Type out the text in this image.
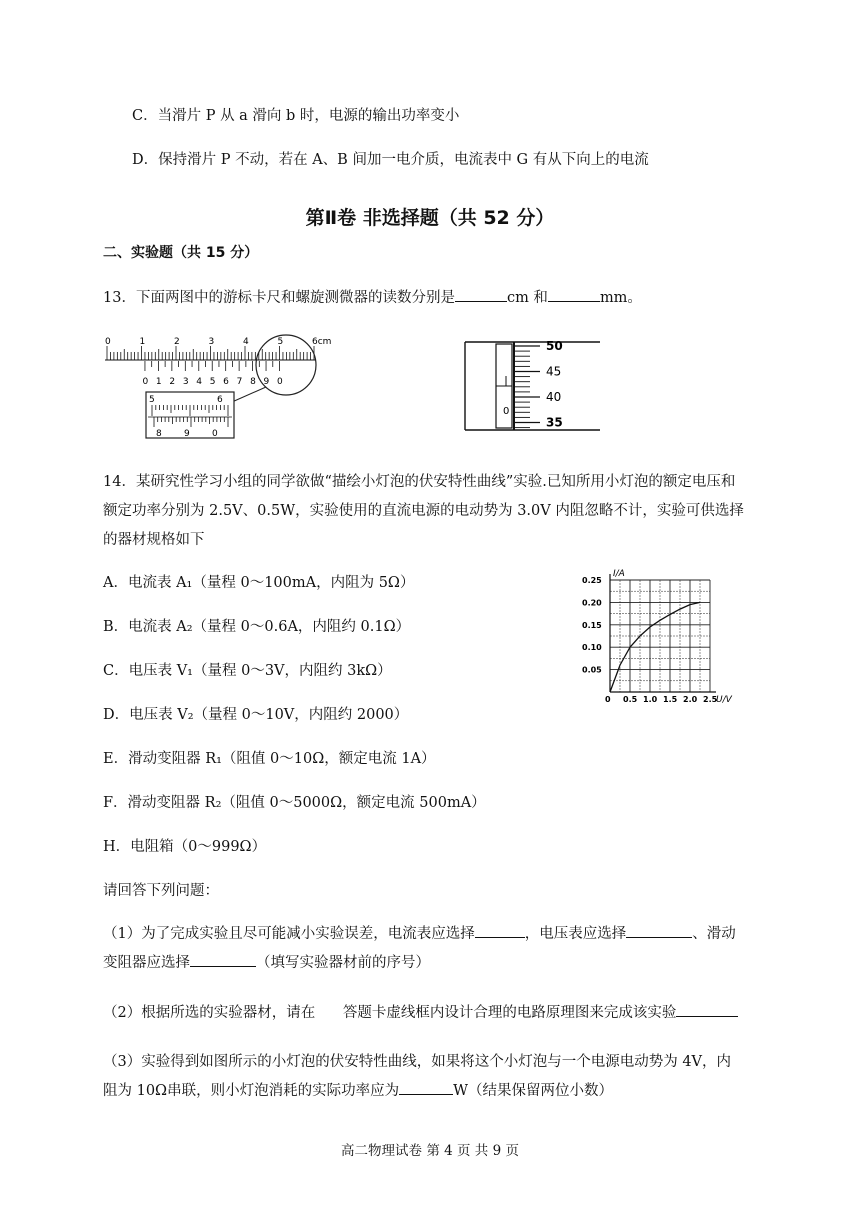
C．当滑片 P 从 a 滑向 b 时，电源的输出功率变小
D．保持滑片 P 不动，若在 A、B 间加一电介质，电流表中 G 有从下向上的电流
第Ⅱ卷 非选择题（共 52 分）
二、实验题（共 15 分）
13．下面两图中的游标卡尺和螺旋测微器的读数分别是	cm 和	mm。
0	1	2	3	4	5	6cm
0 1 2 3 4 5 6 7 8 9 0
5	6
8 9 0
0
50
45
40
35
14．某研究性学习小组的同学欲做“描绘小灯泡的伏安特性曲线”实验.已知所用小灯泡的额定电压和
额定功率分别为 2.5V、0.5W，实验使用的直流电源的电动势为 3.0V 内阻忽略不计，实验可供选择
的器材规格如下
A．电流表 A₁（量程 0～100mA，内阻为 5Ω）
B．电流表 A₂（量程 0～0.6A，内阻约 0.1Ω）
C．电压表 V₁（量程 0～3V，内阻约 3kΩ）
D．电压表 V₂（量程 0～10V，内阻约 2000）
E．滑动变阻器 R₁（阻值 0～10Ω，额定电流 1A）
F．滑动变阻器 R₂（阻值 0～5000Ω，额定电流 500mA）
H．电阻箱（0～999Ω）
请回答下列问题：
（1）为了完成实验且尽可能减小实验误差，电流表应选择	，电压表应选择	、滑动
变阻器应选择	（填写实验器材前的序号）
（2）根据所选的实验器材，请在      答题卡虚线框内设计合理的电路原理图来完成该实验
（3）实验得到如图所示的小灯泡的伏安特性曲线，如果将这个小灯泡与一个电源电动势为 4V，内
阻为 10Ω串联，则小灯泡消耗的实际功率应为	W（结果保留两位小数）
0 0.5 1.0 1.5 2.0 2.5
0.05
0.10
0.15
0.20
0.25
U/V
I/A
高二物理试卷 第 4 页 共 9 页
